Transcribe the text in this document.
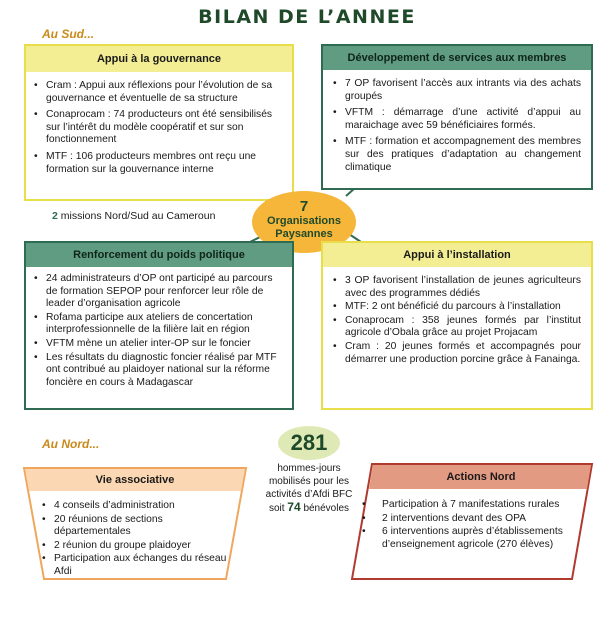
BILAN DE L’ANNEE
Au Sud...
Appui à la gouvernance
• Cram : Appui aux réflexions pour l’évolution de sa gouvernance et éventuelle de sa structure
• Conaprocam : 74 producteurs ont été sensibilisés sur l’intérêt du modèle coopératif et sur son fonctionnement
• MTF : 106 producteurs membres ont reçu une formation sur la gouvernance interne
Développement de services aux membres
• 7 OP favorisent l’accès aux intrants via des achats groupés
• VFTM : démarrage d’une activité d’appui au maraichage avec 59 bénéficiaires formés.
• MTF : formation et accompagnement des membres sur des pratiques d’adaptation au changement climatique
2 missions Nord/Sud au Cameroun
7
Organisations
Paysannes
Renforcement du poids politique
• 24 administrateurs d’OP ont participé au parcours de formation SEPOP pour renforcer leur rôle de leader d’organisation agricole
• Rofama participe aux ateliers de concertation interprofessionnelle de la filière lait en région
• VFTM mène un atelier inter-OP sur le foncier
• Les résultats du diagnostic foncier réalisé par MTF ont contribué au plaidoyer national sur la réforme foncière en cours à Madagascar
Appui à l’installation
• 3 OP favorisent l’installation de jeunes agriculteurs avec des programmes dédiés
• MTF: 2 ont bénéficié du parcours à l’installation
• Conaprocam : 358 jeunes formés par l’institut agricole d’Obala grâce au projet Projacam
• Cram : 20 jeunes formés et accompagnés pour démarrer une production porcine grâce à Fanainga.
Au Nord...	281
hommes-jours mobilisés pour les activités d’Afdi BFC soit 74 bénévoles
Vie associative
• 4 conseils d’administration
• 20 réunions de sections départementales
• 2 réunion du groupe plaidoyer
• Participation aux échanges du réseau Afdi
Actions Nord
• Participation à 7 manifestations rurales
• 2 interventions devant des OPA
• 6 interventions auprès d’établissements d’enseignement agricole (270 élèves)
